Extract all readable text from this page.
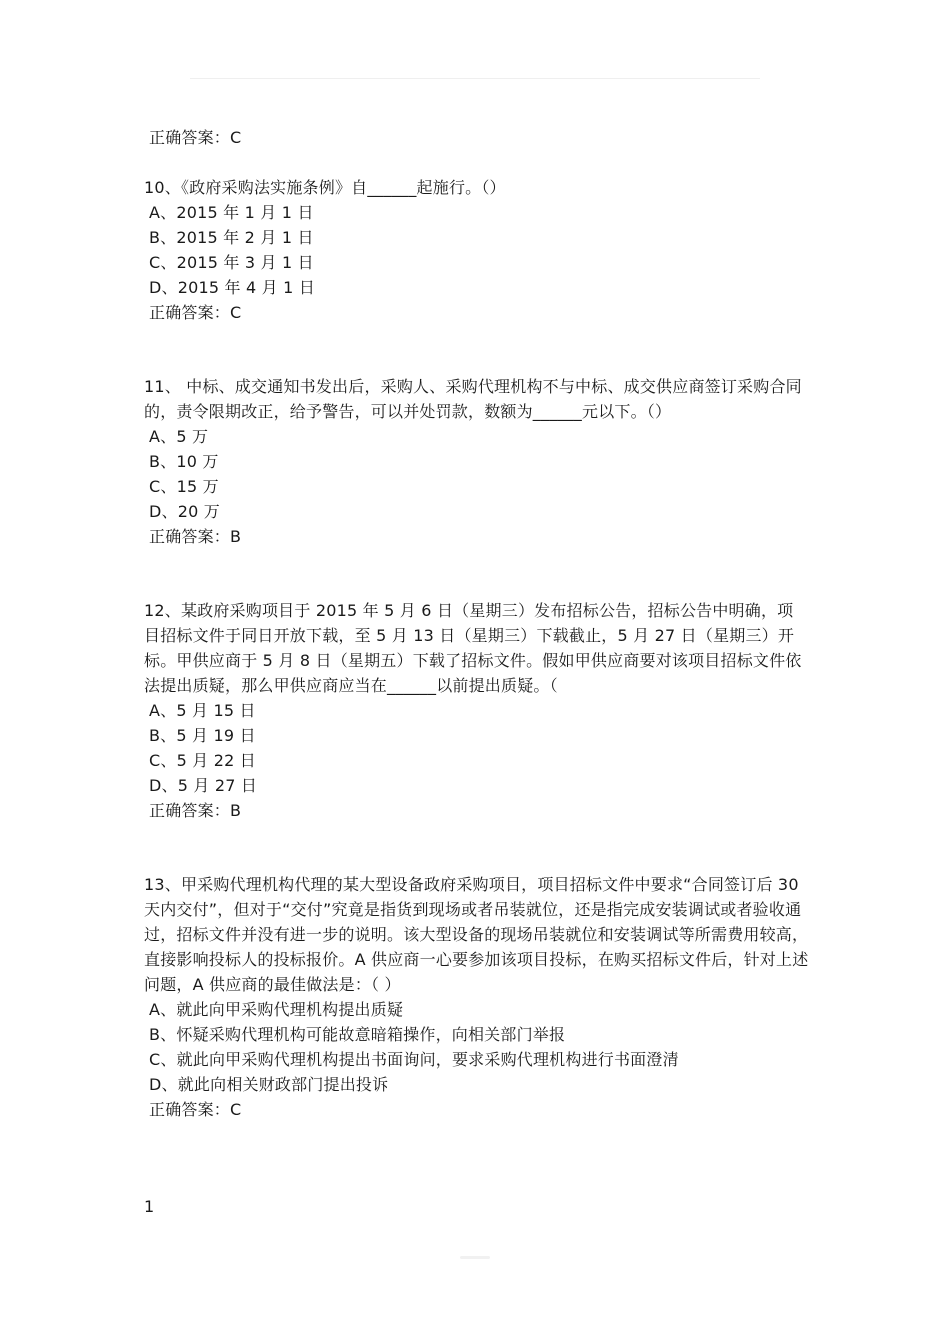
正确答案：C
10、《政府采购法实施条例》自______起施行。（）
A、2015 年 1 月 1 日
B、2015 年 2 月 1 日
C、2015 年 3 月 1 日
D、2015 年 4 月 1 日
正确答案：C
11、 中标、成交通知书发出后，采购人、采购代理机构不与中标、成交供应商签订采购合同的，责令限期改正，给予警告，可以并处罚款，数额为______元以下。（）
A、5 万
B、10 万
C、15 万
D、20 万
正确答案：B
12、某政府采购项目于 2015 年 5 月 6 日（星期三）发布招标公告，招标公告中明确，项目招标文件于同日开放下载，至 5 月 13 日（星期三）下载截止，5 月 27 日（星期三）开标。甲供应商于 5 月 8 日（星期五）下载了招标文件。假如甲供应商要对该项目招标文件依法提出质疑，那么甲供应商应当在______以前提出质疑。（
A、5 月 15 日
B、5 月 19 日
C、5 月 22 日
D、5 月 27 日
正确答案：B
13、甲采购代理机构代理的某大型设备政府采购项目，项目招标文件中要求“合同签订后 30 天内交付”，但对于“交付”究竟是指货到现场或者吊装就位，还是指完成安装调试或者验收通过，招标文件并没有进一步的说明。该大型设备的现场吊装就位和安装调试等所需费用较高，直接影响投标人的投标报价。A 供应商一心要参加该项目投标，在购买招标文件后，针对上述问题，A 供应商的最佳做法是：（ ）
A、就此向甲采购代理机构提出质疑
B、怀疑采购代理机构可能故意暗箱操作，向相关部门举报
C、就此向甲采购代理机构提出书面询问，要求采购代理机构进行书面澄清
D、就此向相关财政部门提出投诉
正确答案：C
1
